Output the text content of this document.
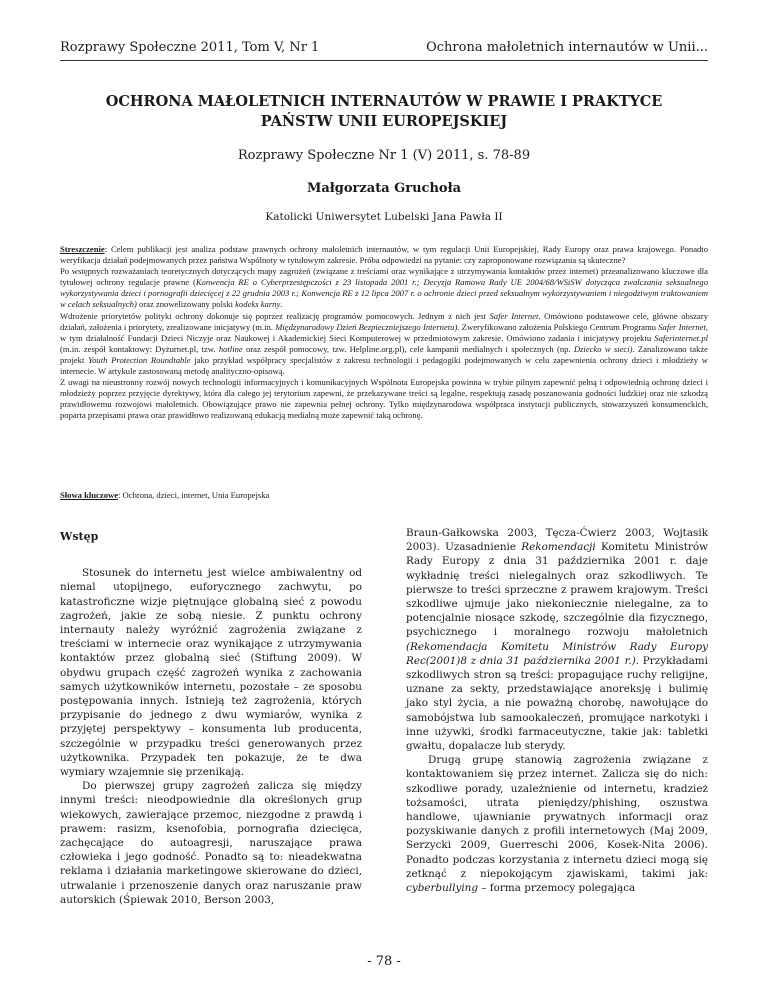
Rozprawy Społeczne 2011, Tom V, Nr 1	Ochrona małoletnich internautów w Unii...
OCHRONA MAŁOLETNICH INTERNAUTÓW W PRAWIE I PRAKTYCE
PAŃSTW UNII EUROPEJSKIEJ
Rozprawy Społeczne Nr 1 (V) 2011, s. 78-89
Małgorzata Gruchoła
Katolicki Uniwersytet Lubelski Jana Pawła II

Streszczenie: Celem publikacji jest analiza podstaw prawnych ochrony małoletnich internautów, w tym regulacji Unii Europejskiej, Rady Europy oraz prawa krajowego. Ponadto weryfikacja działań podejmowanych przez państwa Wspólnoty w tytułowym zakresie. Próba odpowiedzi na pytanie: czy zaproponowane rozwiązania są skuteczne?

Po wstępnych rozważaniach teoretycznych dotyczących mapy zagrożeń (związane z treściami oraz wynikające z utrzymywania kontaktów przez internet) przeanalizowano kluczowe dla tytułowej ochrony regulacje prawne (Konwencja RE o Cyberprzestępczości z 23 listopada 2001 r.; Decyzja Ramowa Rady UE 2004/68/WSiSW dotycząca zwalczania seksualnego wykorzystywania dzieci i pornografii dziecięcej z 22 grudnia 2003 r.; Konwencja RE z 12 lipca 2007 r. o ochronie dzieci przed seksualnym wykorzystywaniem i niegodziwym traktowaniem w celach seksualnych) oraz znowelizowany polski kodeks karny.

Wdrożenie priorytetów polityki ochrony dokonuje się poprzez realizację programów pomocowych. Jednym z nich jest Safer Internet. Omówiono podstawowe cele, główne obszary działań, założenia i priorytety, zrealizowane inicjatywy (m.in. Międzynarodowy Dzień Bezpieczniejszego Internetu). Zweryfikowano założenia Polskiego Centrum Programu Safer Internet, w tym działalność Fundacji Dzieci Niczyje oraz Naukowej i Akademickiej Sieci Komputerowej w przedmiotowym zakresie. Omówiono zadania i inicjatywy projektu Saferinternet.pl (m.in. zespół kontaktowy: Dyżurnet.pl, tzw. hotline oraz zespół pomocowy, tzw. Helpline.org.pl), cele kampanii medialnych i społecznych (np. Dziecko w sieci). Zanalizowano także projekt Youth Protection Roundtable jako przykład współpracy specjalistów z zakresu technologii i pedagogiki podejmowanych w celu zapewnienia ochrony dzieci i młodzieży w internecie. W artykule zastosowaną metodę analityczno-opisową.

Z uwagi na nieustronny rozwój nowych technologii informacyjnych i komunikacyjnych Wspólnota Europejska powinna w trybie pilnym zapewnić pełną i odpowiednią ochronę dzieci i młodzieży poprzez przyjęcie dyrektywy, która dla całego jej terytorium zapewni, że przekazywane treści są legalne, respektują zasadę poszanowania godności ludzkiej oraz nie szkodzą prawidłowemu rozwojowi małoletnich. Obowiązujące prawo nie zapewnia pełnej ochrony. Tylko międzynarodowa współpraca instytucji publicznych, stowarzyszeń konsumenckich, poparta przepisami prawa oraz prawidłowo realizowaną edukacją medialną może zapewnić taką ochronę.

Słowa kluczowe: Ochrona, dzieci, internet, Unia Europejska
Wstęp

Stosunek do internetu jest wielce ambiwalentny od niemal utopijnego, euforycznego zachwytu, po katastroficzne wizje piętnujące globalną sieć z powodu zagrożeń, jakie ze sobą niesie. Z punktu ochrony internauty należy wyróżnić zagrożenia związane z treściami w internecie oraz wynikające z utrzymywania kontaktów przez globalną sieć (Stiftung 2009). W obydwu grupach część zagrożeń wynika z zachowania samych użytkowników internetu, pozostałe – ze sposobu postępowania innych. Istnieją też zagrożenia, których przypisanie do jednego z dwu wymiarów, wynika z przyjętej perspektywy – konsumenta lub producenta, szczególnie w przypadku treści generowanych przez użytkownika. Przypadek ten pokazuje, że te dwa wymiary wzajemnie się przenikają.

Do pierwszej grupy zagrożeń zalicza się między innymi treści: nieodpowiednie dla określonych grup wiekowych, zawierające przemoc, niezgodne z prawdą i prawem: rasizm, ksenofobia, pornografia dziecięca, zachęcające do autoagresji, naruszające prawa człowieka i jego godność. Ponadto są to: nieadekwatna reklama i działania marketingowe skierowane do dzieci, utrwalanie i przenoszenie danych oraz naruszanie praw autorskich (Śpiewak 2010, Berson 2003,

Braun-Gałkowska 2003, Tęcza-Ćwierz 2003, Wojtasik 2003). Uzasadnienie Rekomendacji Komitetu Ministrów Rady Europy z dnia 31 października 2001 r. daje wykładnię treści nielegalnych oraz szkodliwych. Te pierwsze to treści sprzeczne z prawem krajowym. Treści szkodliwe ujmuje jako niekoniecznie nielegalne, za to potencjalnie niosące szkodę, szczególnie dla fizycznego, psychicznego i moralnego rozwoju małoletnich (Rekomendacja Komitetu Ministrów Rady Europy Rec(2001)8 z dnia 31 października 2001 r.). Przykładami szkodliwych stron są treści: propagujące ruchy religijne, uznane za sekty, przedstawiające anoreksję i bulimię jako styl życia, a nie poważną chorobę, nawołujące do samobójstwa lub samookaleczeń, promujące narkotyki i inne używki, środki farmaceutyczne, takie jak: tabletki gwałtu, dopalacze lub sterydy.

Drugą grupę stanowią zagrożenia związane z kontaktowaniem się przez internet. Zalicza się do nich: szkodliwe porady, uzależnienie od internetu, kradzież tożsamości, utrata pieniędzy/phishing, oszustwa handlowe, ujawnianie prywatnych informacji oraz pozyskiwanie danych z profili internetowych (Maj 2009, Serzycki 2009, Guerreschi 2006, Kosek-Nita 2006). Ponadto podczas korzystania z internetu dzieci mogą się zetknąć z niepokojącym zjawiskami, takimi jak: cyberbullying – forma przemocy polegająca

- 78 -
